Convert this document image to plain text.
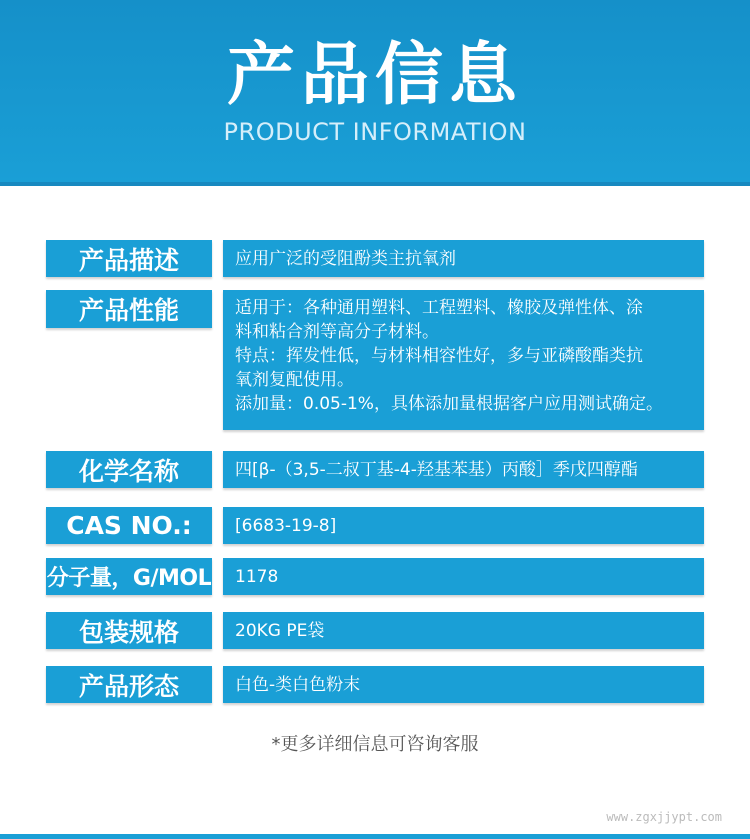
产品信息
PRODUCT INFORMATION
产品描述	应用广泛的受阻酚类主抗氧剂
产品性能	适用于：各种通用塑料、工程塑料、橡胶及弹性体、涂
料和粘合剂等高分子材料。
特点：挥发性低，与材料相容性好，多与亚磷酸酯类抗
氧剂复配使用。
添加量：0.05-1%，具体添加量根据客户应用测试确定。
化学名称	四[β-（3,5-二叔丁基-4-羟基苯基）丙酸］季戊四醇酯
CAS NO.:	[6683-19-8]
分子量，G/MOL	1178
包装规格	20KG PE袋
产品形态	白色-类白色粉末
*更多详细信息可咨询客服
www.zgxjjypt.com
